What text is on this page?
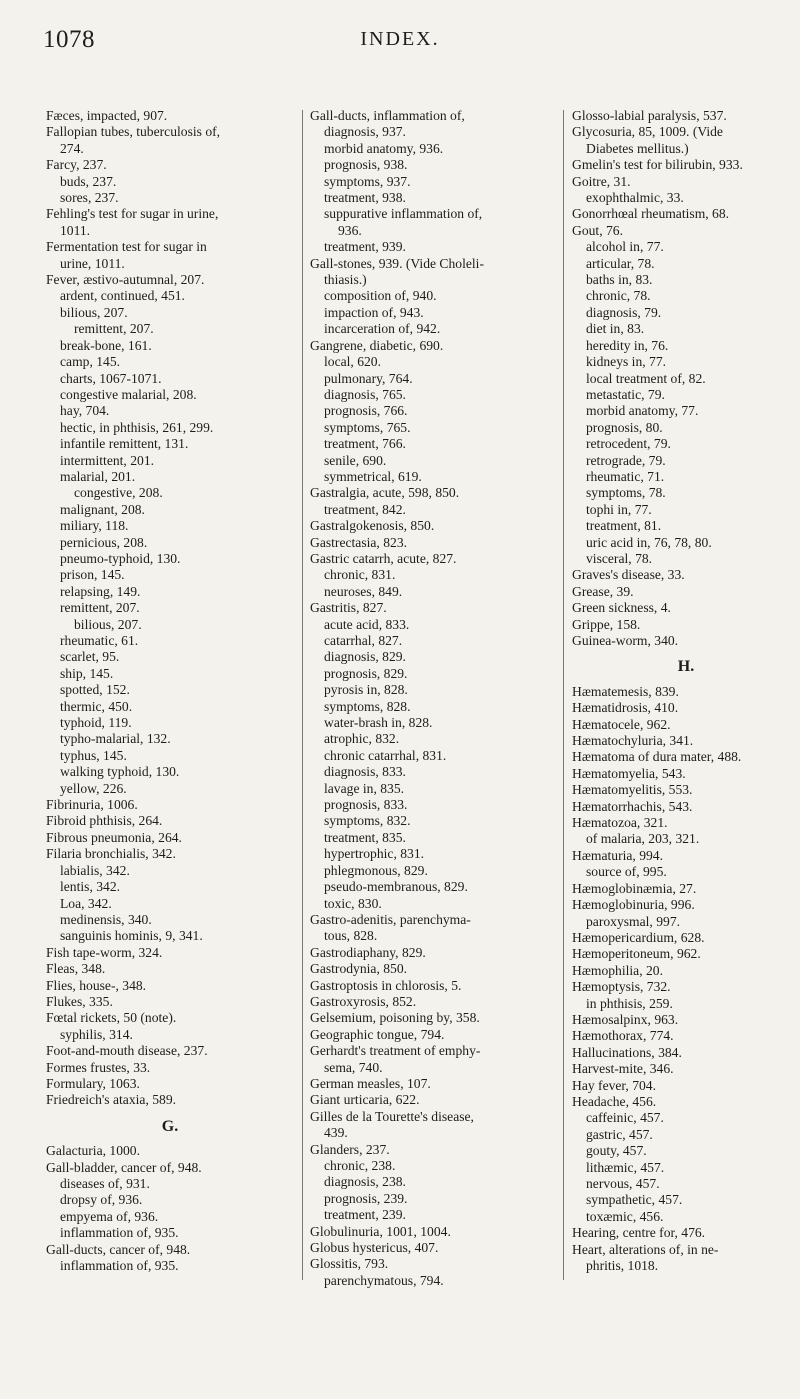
1078	INDEX.
Fæces, impacted, 907.
Fallopian tubes, tuberculosis of,
274.
Farcy, 237.
buds, 237.
sores, 237.
Fehling's test for sugar in urine,
1011.
Fermentation test for sugar in
urine, 1011.
Fever, æstivo-autumnal, 207.
ardent, continued, 451.
bilious, 207.
remittent, 207.
break-bone, 161.
camp, 145.
charts, 1067-1071.
congestive malarial, 208.
hay, 704.
hectic, in phthisis, 261, 299.
infantile remittent, 131.
intermittent, 201.
malarial, 201.
congestive, 208.
malignant, 208.
miliary, 118.
pernicious, 208.
pneumo-typhoid, 130.
prison, 145.
relapsing, 149.
remittent, 207.
bilious, 207.
rheumatic, 61.
scarlet, 95.
ship, 145.
spotted, 152.
thermic, 450.
typhoid, 119.
typho-malarial, 132.
typhus, 145.
walking typhoid, 130.
yellow, 226.
Fibrinuria, 1006.
Fibroid phthisis, 264.
Fibrous pneumonia, 264.
Filaria bronchialis, 342.
labialis, 342.
lentis, 342.
Loa, 342.
medinensis, 340.
sanguinis hominis, 9, 341.
Fish tape-worm, 324.
Fleas, 348.
Flies, house-, 348.
Flukes, 335.
Fœtal rickets, 50 (note).
syphilis, 314.
Foot-and-mouth disease, 237.
Formes frustes, 33.
Formulary, 1063.
Friedreich's ataxia, 589.
G.
Galacturia, 1000.
Gall-bladder, cancer of, 948.
diseases of, 931.
dropsy of, 936.
empyema of, 936.
inflammation of, 935.
Gall-ducts, cancer of, 948.
inflammation of, 935.
Gall-ducts, inflammation of,
diagnosis, 937.
morbid anatomy, 936.
prognosis, 938.
symptoms, 937.
treatment, 938.
suppurative inflammation of,
936.
treatment, 939.
Gall-stones, 939. (Vide Choleli-
thiasis.)
composition of, 940.
impaction of, 943.
incarceration of, 942.
Gangrene, diabetic, 690.
local, 620.
pulmonary, 764.
diagnosis, 765.
prognosis, 766.
symptoms, 765.
treatment, 766.
senile, 690.
symmetrical, 619.
Gastralgia, acute, 598, 850.
treatment, 842.
Gastralgokenosis, 850.
Gastrectasia, 823.
Gastric catarrh, acute, 827.
chronic, 831.
neuroses, 849.
Gastritis, 827.
acute acid, 833.
catarrhal, 827.
diagnosis, 829.
prognosis, 829.
pyrosis in, 828.
symptoms, 828.
water-brash in, 828.
atrophic, 832.
chronic catarrhal, 831.
diagnosis, 833.
lavage in, 835.
prognosis, 833.
symptoms, 832.
treatment, 835.
hypertrophic, 831.
phlegmonous, 829.
pseudo-membranous, 829.
toxic, 830.
Gastro-adenitis, parenchyma-
tous, 828.
Gastrodiaphany, 829.
Gastrodynia, 850.
Gastroptosis in chlorosis, 5.
Gastroxyrosis, 852.
Gelsemium, poisoning by, 358.
Geographic tongue, 794.
Gerhardt's treatment of emphy-
sema, 740.
German measles, 107.
Giant urticaria, 622.
Gilles de la Tourette's disease,
439.
Glanders, 237.
chronic, 238.
diagnosis, 238.
prognosis, 239.
treatment, 239.
Globulinuria, 1001, 1004.
Globus hystericus, 407.
Glossitis, 793.
parenchymatous, 794.
Glosso-labial paralysis, 537.
Glycosuria, 85, 1009. (Vide
Diabetes mellitus.)
Gmelin's test for bilirubin, 933.
Goitre, 31.
exophthalmic, 33.
Gonorrhœal rheumatism, 68.
Gout, 76.
alcohol in, 77.
articular, 78.
baths in, 83.
chronic, 78.
diagnosis, 79.
diet in, 83.
heredity in, 76.
kidneys in, 77.
local treatment of, 82.
metastatic, 79.
morbid anatomy, 77.
prognosis, 80.
retrocedent, 79.
retrograde, 79.
rheumatic, 71.
symptoms, 78.
tophi in, 77.
treatment, 81.
uric acid in, 76, 78, 80.
visceral, 78.
Graves's disease, 33.
Grease, 39.
Green sickness, 4.
Grippe, 158.
Guinea-worm, 340.
H.
Hæmatemesis, 839.
Hæmatidrosis, 410.
Hæmatocele, 962.
Hæmatochyluria, 341.
Hæmatoma of dura mater, 488.
Hæmatomyelia, 543.
Hæmatomyelitis, 553.
Hæmatorrhachis, 543.
Hæmatozoa, 321.
of malaria, 203, 321.
Hæmaturia, 994.
source of, 995.
Hæmoglobinæmia, 27.
Hæmoglobinuria, 996.
paroxysmal, 997.
Hæmopericardium, 628.
Hæmoperitoneum, 962.
Hæmophilia, 20.
Hæmoptysis, 732.
in phthisis, 259.
Hæmosalpinx, 963.
Hæmothorax, 774.
Hallucinations, 384.
Harvest-mite, 346.
Hay fever, 704.
Headache, 456.
caffeinic, 457.
gastric, 457.
gouty, 457.
lithæmic, 457.
nervous, 457.
sympathetic, 457.
toxæmic, 456.
Hearing, centre for, 476.
Heart, alterations of, in ne-
phritis, 1018.
